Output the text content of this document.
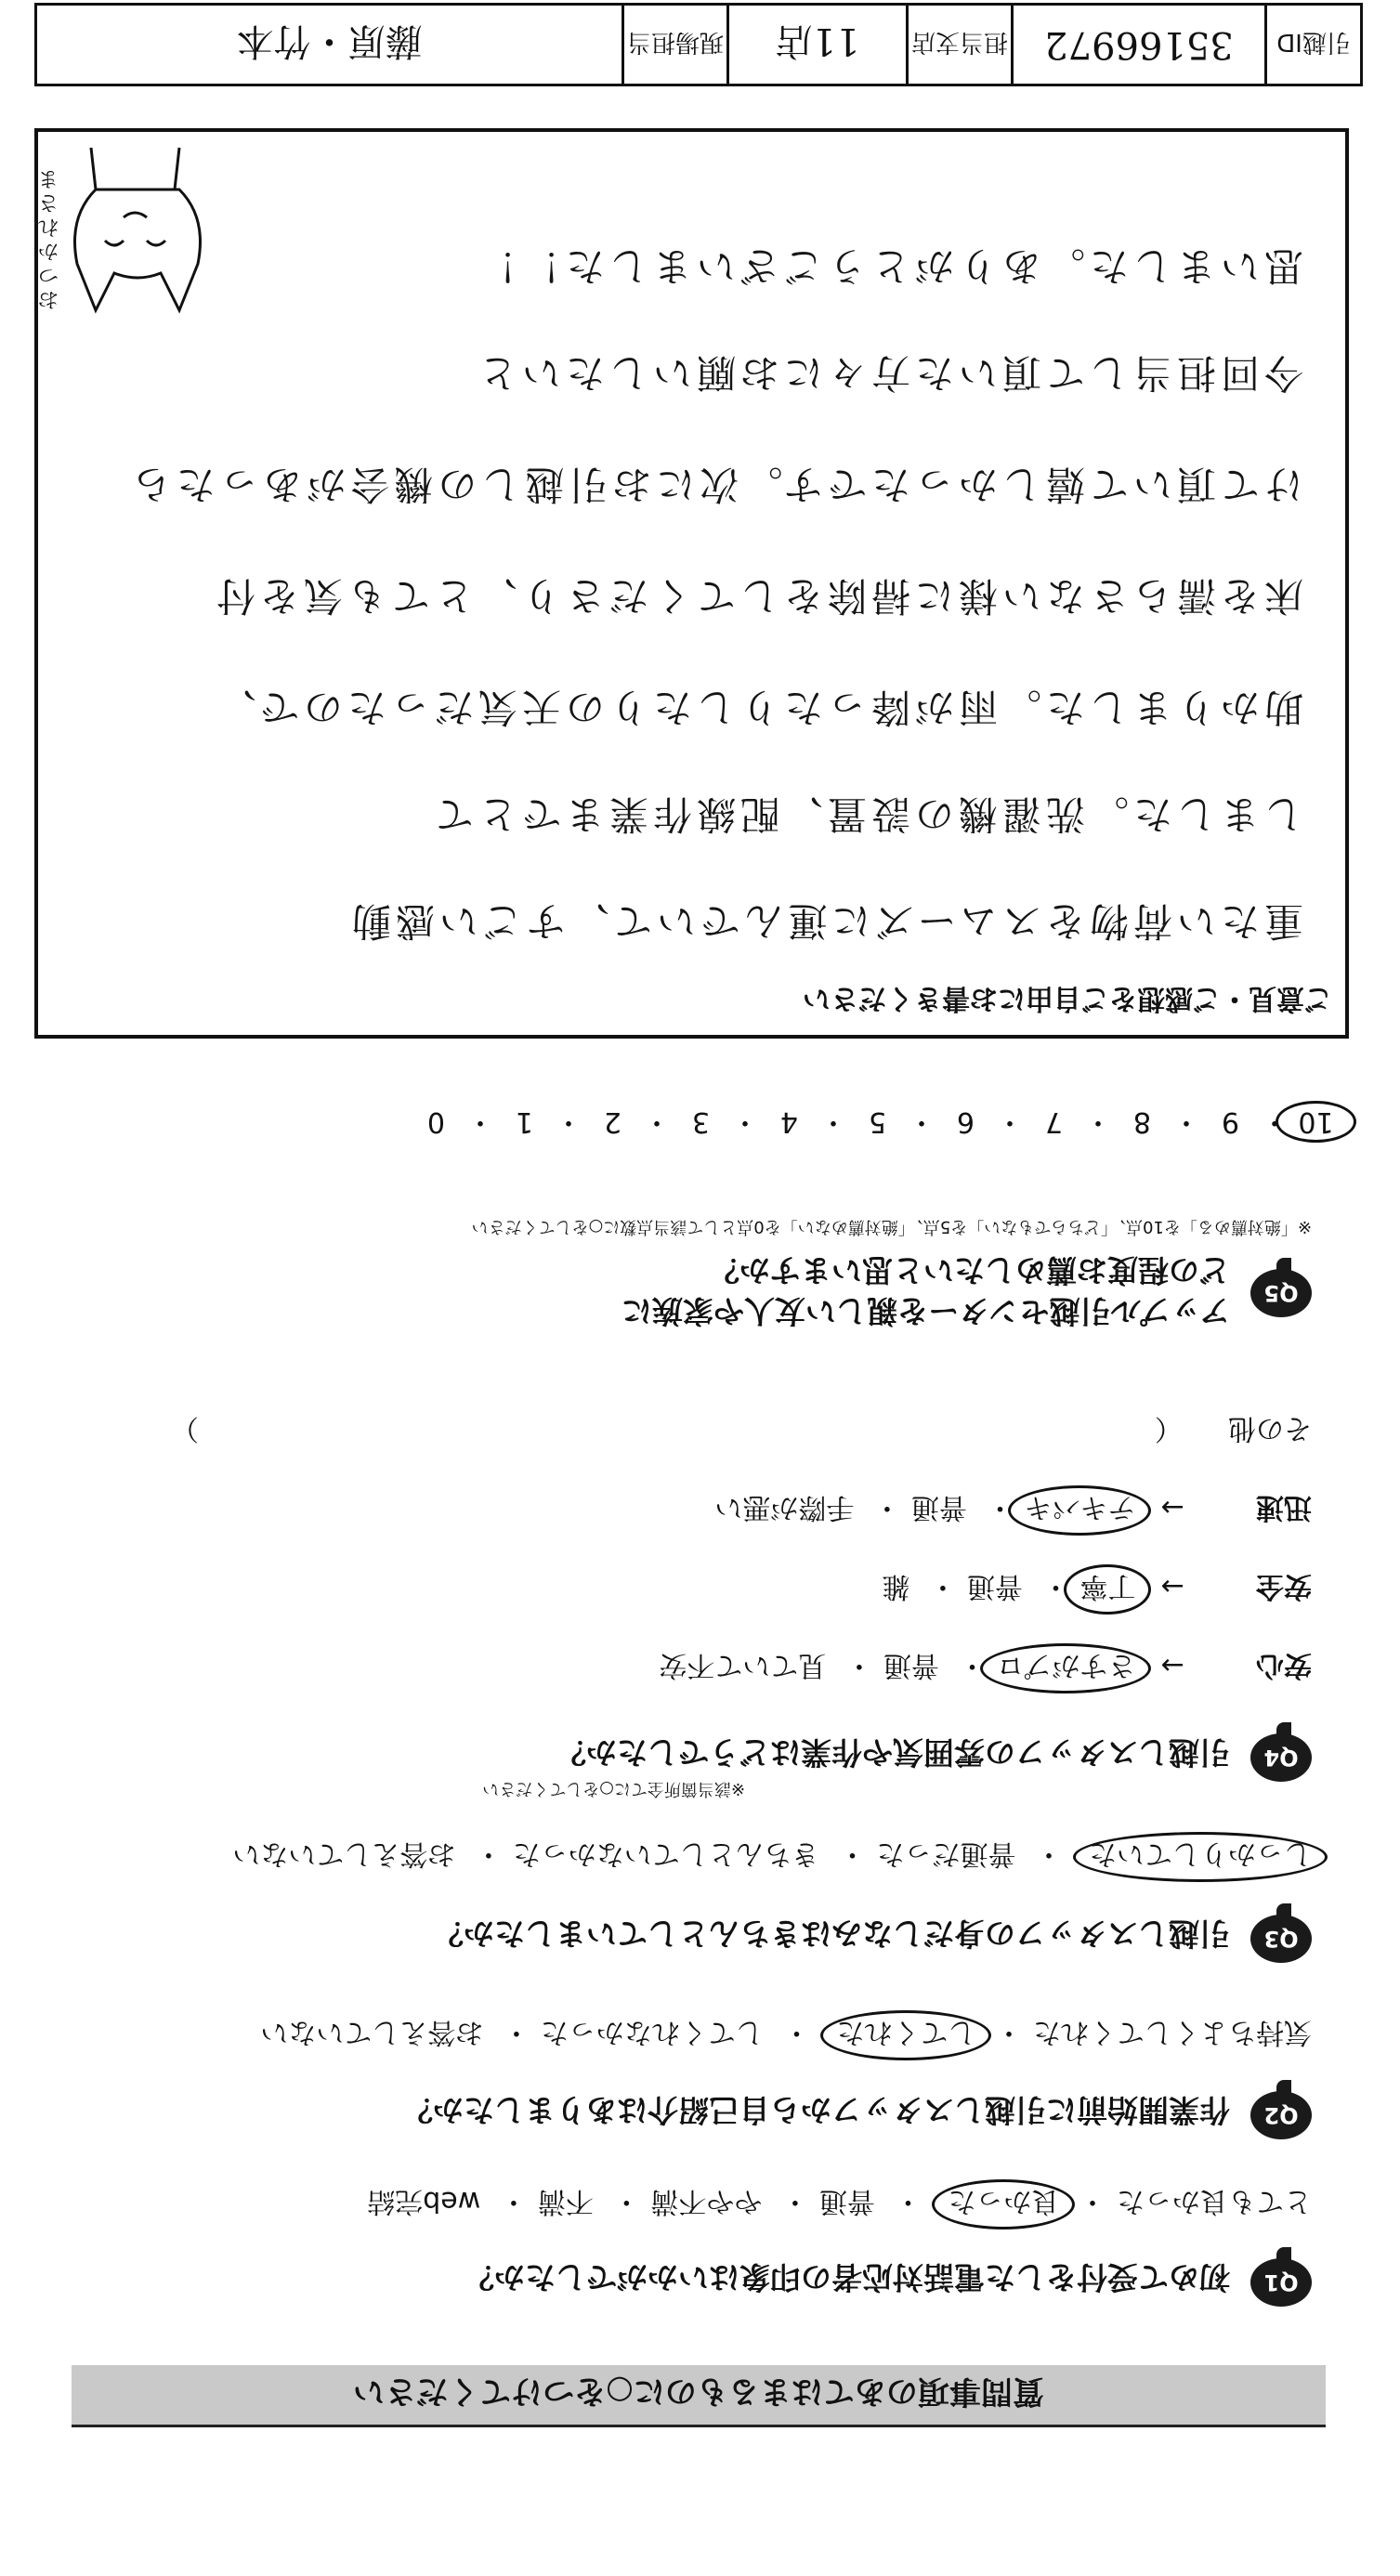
質問事項のあてはまるものに○をつけてください
Q1
初めて受付をした電話対応者の印象はいかがでしたか？
とても良かった・ 良かった・ 普通・ やや不満・ 不満・ web完結
Q2
作業開始前に引越しスタッフから自己紹介はありましたか？
気持ちよくしてくれた・ してくれた・ してくれなかった・ お答えしていない
Q3
引越しスタッフの身だしなみはきちんとしていましたか？
しっかりしていた・ 普通だった・ きちんとしていなかった・ お答えしていない
Q4
引越しスタッフの雰囲気や作業はどうでしたか？
※該当箇所全てに○をしてください
安心→ さすがプロ・ 普通・ 見ていて不安
安全→ 丁寧・ 普通・ 雑
迅速→ テキパキ・ 普通・ 手際が悪い
その他  （  ）
Q5
アップル引越センターを親しい友人や家族に
どの程度お薦めしたいと思いますか？
※「絶対薦める」を10点、「どちらでもない」を5点、「絶対薦めない」を0点として該当点数に○をしてください
10・9・8・7・6・5・4・3・2・1・0
ご意見・ご感想をご自由にお書きください
重たい荷物をスムーズに運んでいて、すごい感動
しました。洗濯機の設置、配線作業までとて
助かりました。雨が降ったりしたりの天気だったので、
床を濡らさない様に掃除をしてくださり、とても気を付
けて頂いて嬉しかったです。次にお引越しの機会があったら
今回担当して頂いた方々にお願いしたいと
思いました。ありがとうございました！！
おつかれさま
引越ID
35166972
担当支店
11店
現場担当
藤原・竹本
